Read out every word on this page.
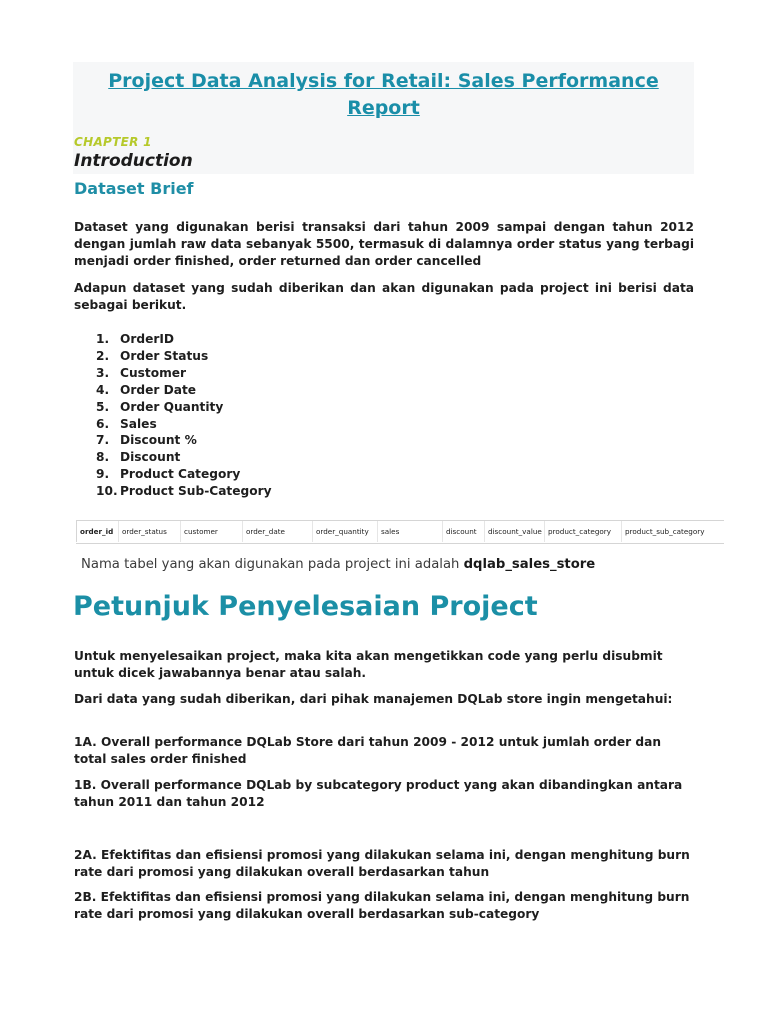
Project Data Analysis for Retail: Sales Performance
Report

CHAPTER 1

Introduction
Dataset Brief

Dataset yang digunakan berisi transaksi dari tahun 2009 sampai dengan tahun 2012 dengan jumlah raw data sebanyak 5500, termasuk di dalamnya order status yang terbagi menjadi order finished, order returned dan order cancelled

Adapun dataset yang sudah diberikan dan akan digunakan pada project ini berisi data sebagai berikut.

1. OrderID
2. Order Status
3. Customer
4. Order Date
5. Order Quantity
6. Sales
7. Discount %
8. Discount
9. Product Category
10. Product Sub-Category
order_id	order_status	customer	order_date	order_quantity	sales	discount	discount_value product_category	product_sub_category

Nama tabel yang akan digunakan pada project ini adalah dqlab_sales_store

Petunjuk Penyelesaian Project

Untuk menyelesaikan project, maka kita akan mengetikkan code yang perlu disubmit untuk dicek jawabannya benar atau salah.

Dari data yang sudah diberikan, dari pihak manajemen DQLab store ingin mengetahui:

1A. Overall performance DQLab Store dari tahun 2009 - 2012 untuk jumlah order dan total sales order finished

1B. Overall performance DQLab by subcategory product yang akan dibandingkan antara tahun 2011 dan tahun 2012

2A. Efektifitas dan efisiensi promosi yang dilakukan selama ini, dengan menghitung burn rate dari promosi yang dilakukan overall berdasarkan tahun

2B. Efektifitas dan efisiensi promosi yang dilakukan selama ini, dengan menghitung burn rate dari promosi yang dilakukan overall berdasarkan sub-category
